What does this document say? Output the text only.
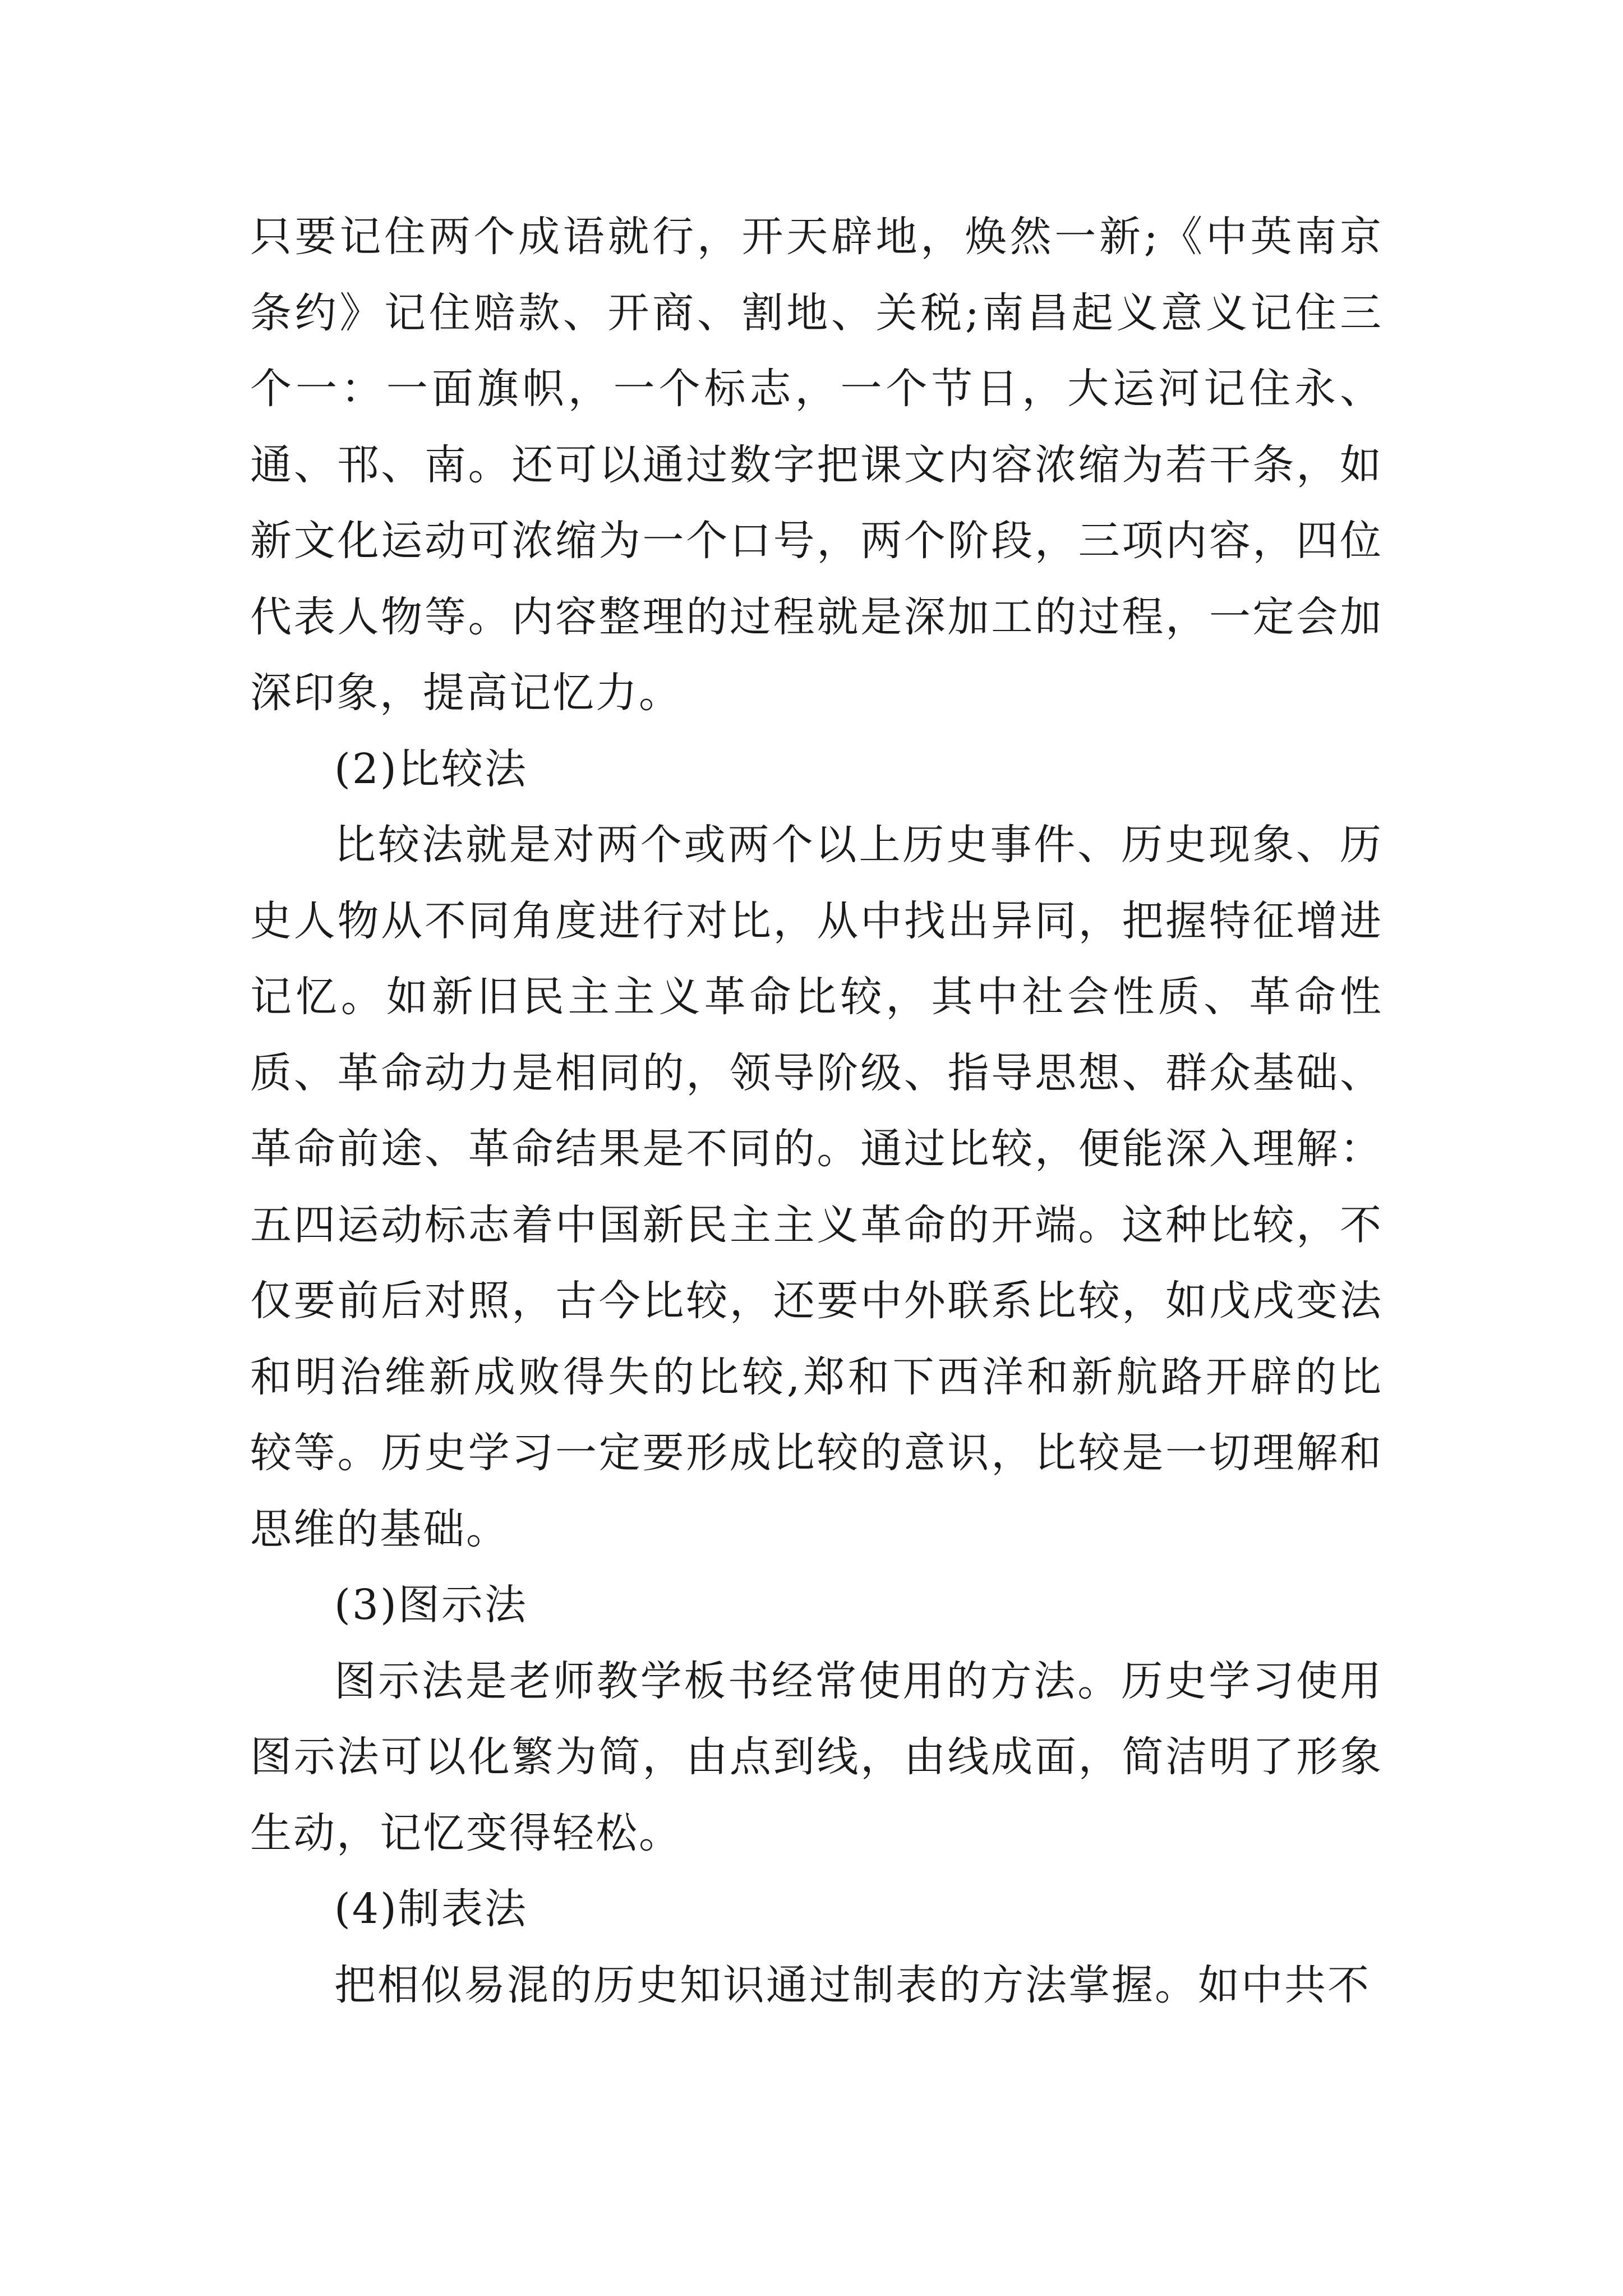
只要记住两个成语就行，开天辟地，焕然一新;《中英南京条约》记住赔款、开商、割地、关税;南昌起义意义记住三个一：一面旗帜，一个标志，一个节日，大运河记住永、通、邗、南。还可以通过数字把课文内容浓缩为若干条，如新文化运动可浓缩为一个口号，两个阶段，三项内容，四位代表人物等。内容整理的过程就是深加工的过程，一定会加深印象，提高记忆力。

(2)比较法

比较法就是对两个或两个以上历史事件、历史现象、历史人物从不同角度进行对比，从中找出异同，把握特征增进记忆。如新旧民主主义革命比较，其中社会性质、革命性质、革命动力是相同的，领导阶级、指导思想、群众基础、革命前途、革命结果是不同的。通过比较，便能深入理解：五四运动标志着中国新民主主义革命的开端。这种比较，不仅要前后对照，古今比较，还要中外联系比较，如戊戌变法和明治维新成败得失的比较,郑和下西洋和新航路开辟的比较等。历史学习一定要形成比较的意识，比较是一切理解和思维的基础。

(3)图示法

图示法是老师教学板书经常使用的方法。历史学习使用图示法可以化繁为简，由点到线，由线成面，简洁明了形象生动，记忆变得轻松。

(4)制表法

把相似易混的历史知识通过制表的方法掌握。如中共不
